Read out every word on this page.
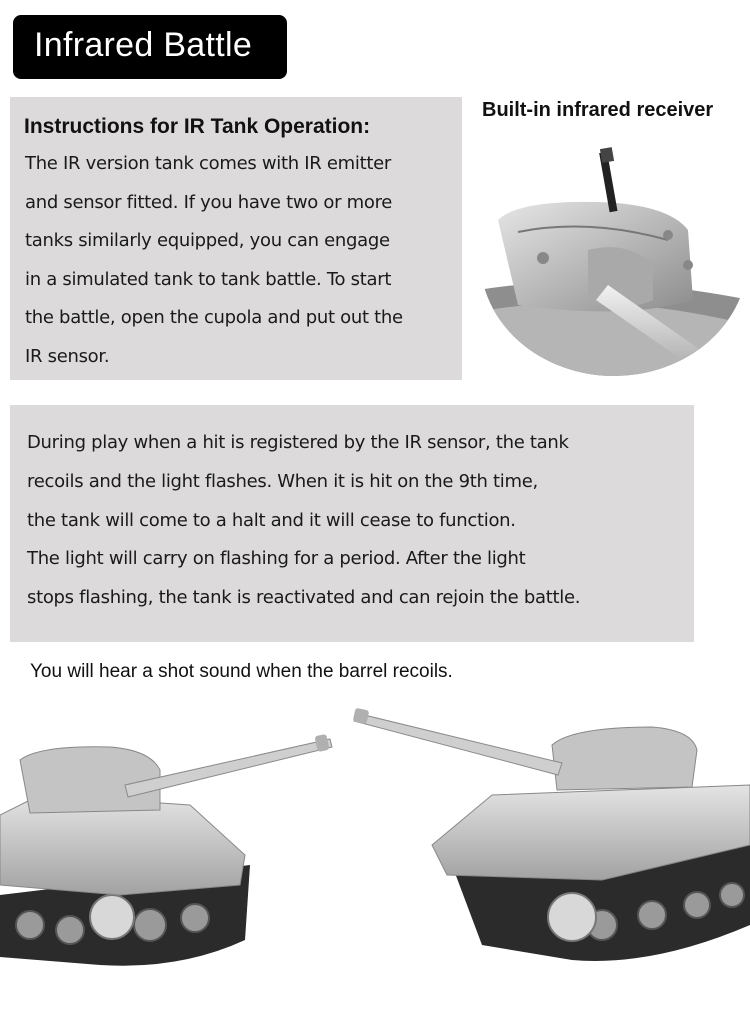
Infrared Battle
Instructions for IR Tank Operation:
The IR version tank comes with IR emitter
and sensor fitted. If you have two or more
tanks similarly equipped, you can engage
in a simulated tank to tank battle. To start
the battle, open the cupola and put out the
IR sensor.
Built-in infrared receiver
During play when a hit is registered by the IR sensor, the tank
recoils and the light flashes. When it is hit on the 9th time,
the tank will come to a halt and it will cease to function.
The light will carry on flashing for a period. After the light
stops flashing, the tank is reactivated and can rejoin the battle.
You will hear a shot sound when the barrel recoils.
